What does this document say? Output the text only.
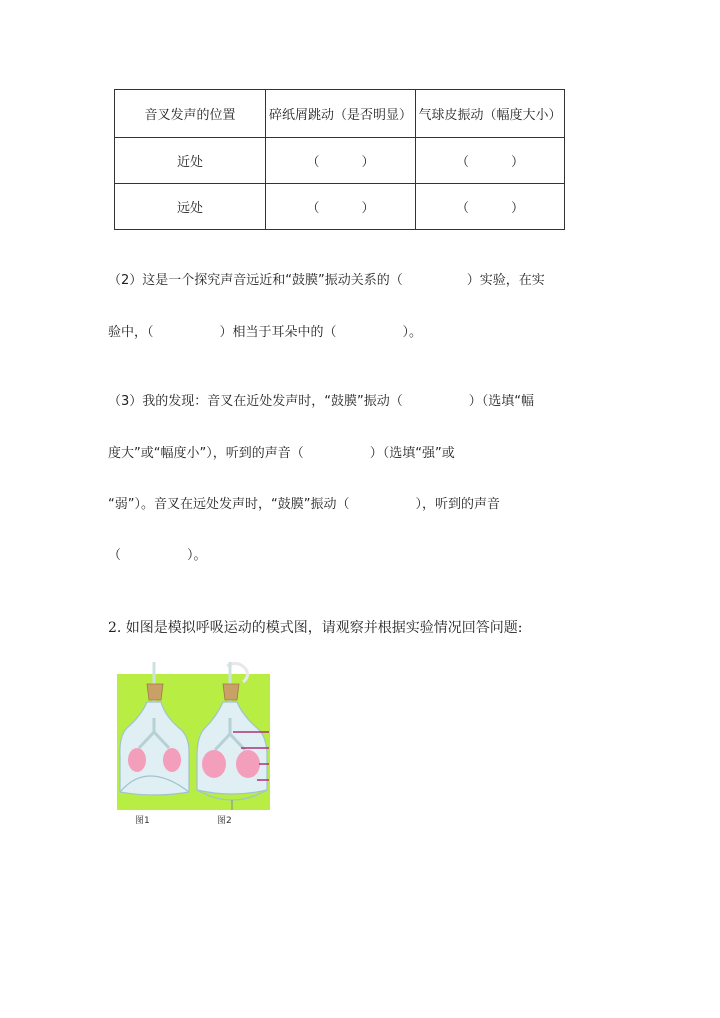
音叉发声的位置	碎纸屑跳动（是否明显）	气球皮振动（幅度大小）
近处	（ ）	（ ）

远处	（ ）	（ ）
（2）这是一个探究声音远近和“鼓膜”振动关系的（	）实验，在实
验中，（	）相当于耳朵中的（	）。
（3）我的发现：音叉在近处发声时，“鼓膜”振动（	）（选填“幅
度大”或“幅度小”），听到的声音（	）（选填“强”或
“弱”）。音叉在远处发声时，“鼓膜”振动（	），听到的声音
（	）。
2. 如图是模拟呼吸运动的模式图，请观察并根据实验情况回答问题:
图1	图2
